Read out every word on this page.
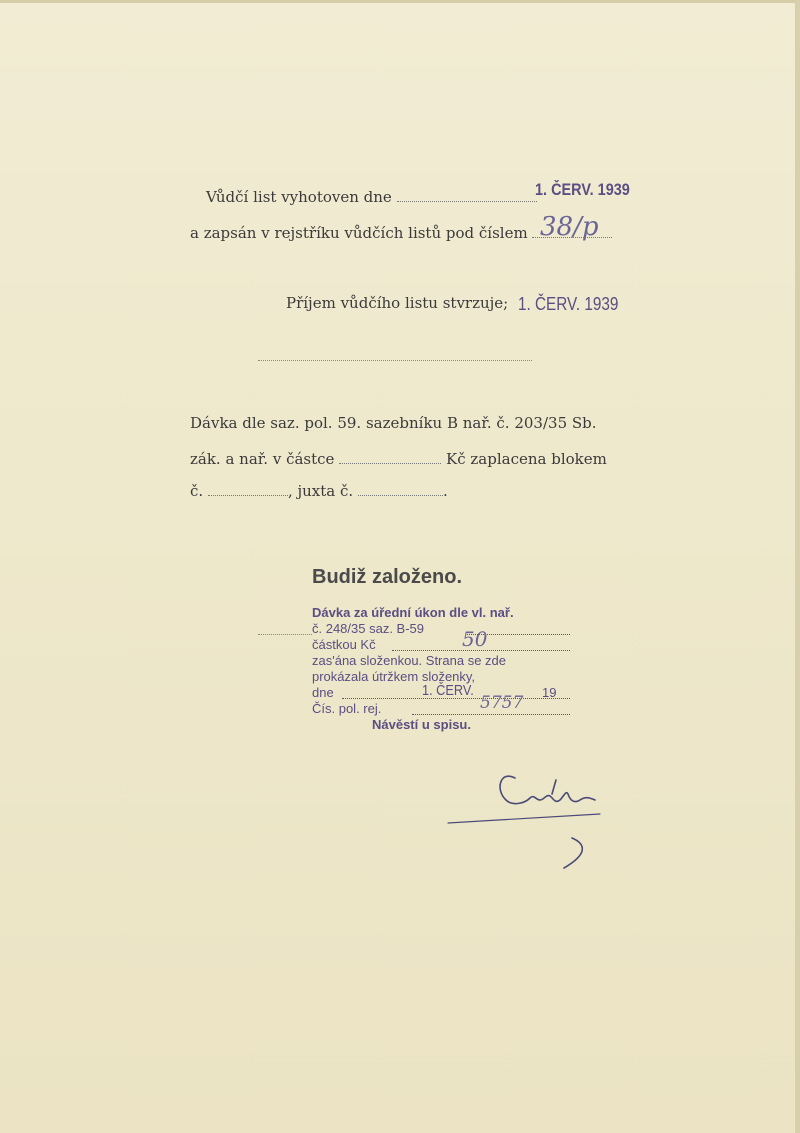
Vůdčí list vyhotoven dne	1. ČERV. 1939
a zapsán v rejstříku vůdčích listů pod číslem 38/p
Příjem vůdčího listu stvrzuje; 1. ČERV. 1939
Dávka dle saz. pol. 59. sazebníku B nař. č. 203/35 Sb.
zák. a nař. v částce	Kč zaplacena blokem
č.	, juxta č.	.
Budiž založeno.
Dávka za úřední úkon dle vl. nař.
č. 248/35 saz. B-59
částkou Kč	50
zas'ána složenkou. Strana se zde
prokázala útržkem složenky,
dne	1. ČERV.	19
Čís. pol. rej.	5757
Návěstí u spisu.
